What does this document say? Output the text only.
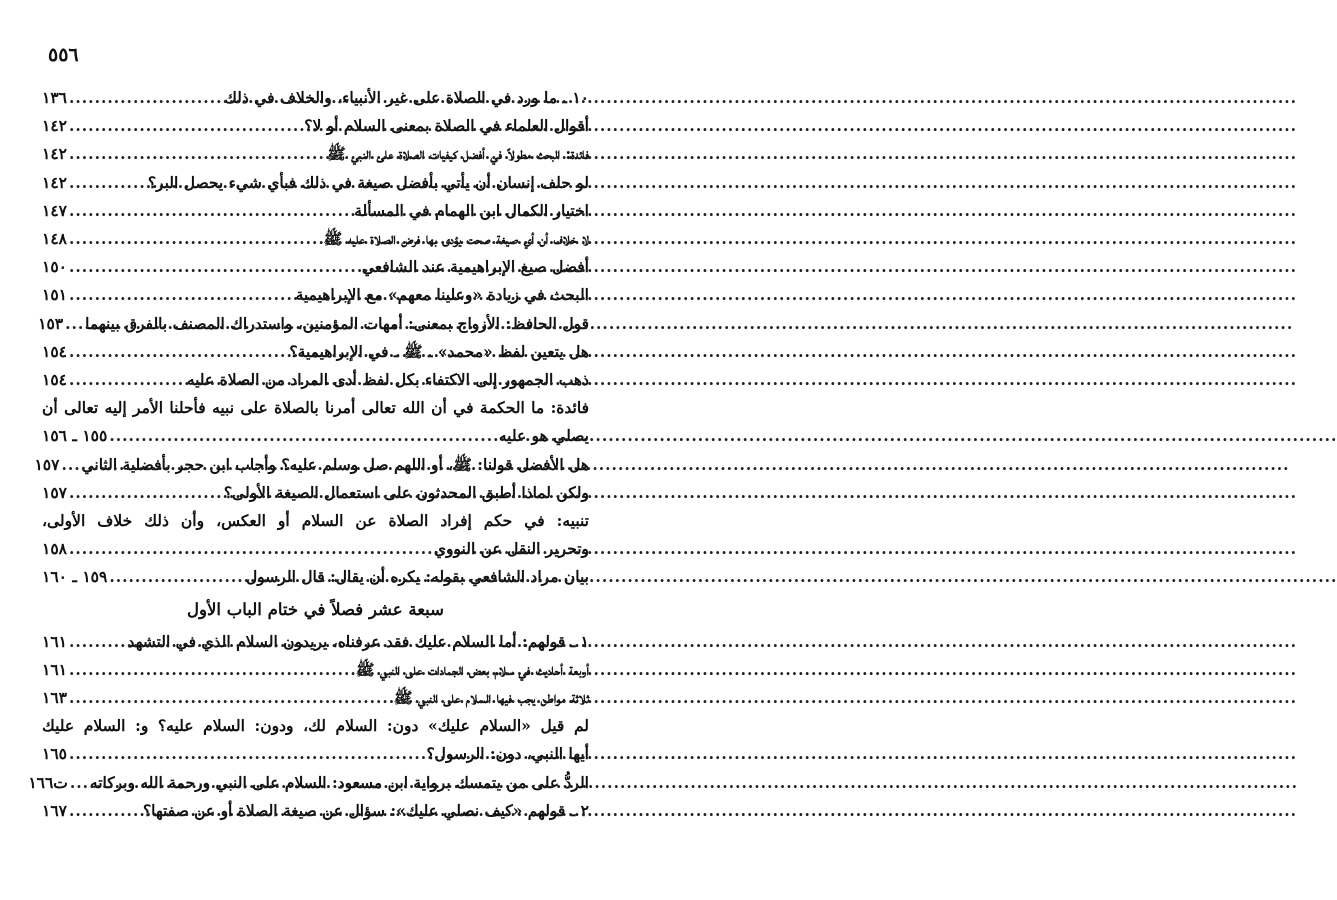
٥٥٦
١٠ ـ ما ورد في الصلاة على غير الأنبياء، والخلاف في ذلك
.....
١٣٦
أقوال العلماء في الصلاة بمعنى السلام أو لا؟
.....
١٤٢
فائدة: البحث مطولاً في أفضل كيفيات الصلاة على النبي ﷺ
.....
١٤٢
لو حلف إنسان أن يأتي بأفضل صيغة في ذلك فبأي شيء يحصل البر؟
.....
١٤٢
اختيار الكمال ابن الهمام في المسألة
.....
١٤٧
لا خلاف أن أي صيغة صحت يؤدى بها فرض الصلاة عليه ﷺ
.....
١٤٨
أفضل صيغ الإبراهيمية عند الشافعي
.....
١٥٠
البحث في زيادة «وعلينا معهم» مع الإبراهيمية
.....
١٥١
قول الحافظ: الأزواج بمعنى: أمهات المؤمنين، واستدراك المصنف بالفرق بينهما
.....
١٥٣
هل يتعين لفظ «محمد» ـ ﷺ ـ في الإبراهيمية؟
.....
١٥٤
ذهب الجمهور إلى الاكتفاء بكل لفظ أدى المراد من الصلاة عليه
.....
١٥٤
فائدة: ما الحكمة في أن الله تعالى أمرنا بالصلاة على نبيه فأحلنا الأمر إليه تعالى أن
يصلي هو عليه
.....
١٥٥ ـ ١٥٦
هل الأفضل قولنا: ﷺ، أو اللهم صل وسلم عليه؟ وأجاب ابن حجر بأفضلية الثاني
.....
١٥٧
ولكن لماذا أطبق المحدثون على استعمال الصيغة الأولى؟
.....
١٥٧
تنبيه: في حكم إفراد الصلاة عن السلام أو العكس، وأن ذلك خلاف الأولى،
وتحرير النقل عن النووي
.....
١٥٨
بيان مراد الشافعي بقوله: يكره أن يقال: قال الرسول
.....
١٥٩ ـ ١٦٠
سبعة عشر فصلاً في ختام الباب الأول
١ ـ قولهم: أما السلام عليك فقد عرفناه، يريدون السلام الذي في التشهد
.....
١٦١
أربعة أحاديث في سلام بعض الجمادات على النبي ﷺ
.....
١٦١
ثلاثة مواطن يجب فيها السلام على النبي ﷺ
.....
١٦٣
لم قيل «السلام عليك» دون: السلام لك، ودون: السلام عليه؟ و: السلام عليك
أيها النبي، دون: الرسول؟
.....
١٦٥
الردُّ على من يتمسك برواية ابن مسعود: السلام على النبي ورحمة الله وبركاته
.....
ت١٦٦
٢ ـ قولهم «كيف نصلي عليك»: سؤال عن صيغة الصلاة أو عن صفتها؟
.....
١٦٧
